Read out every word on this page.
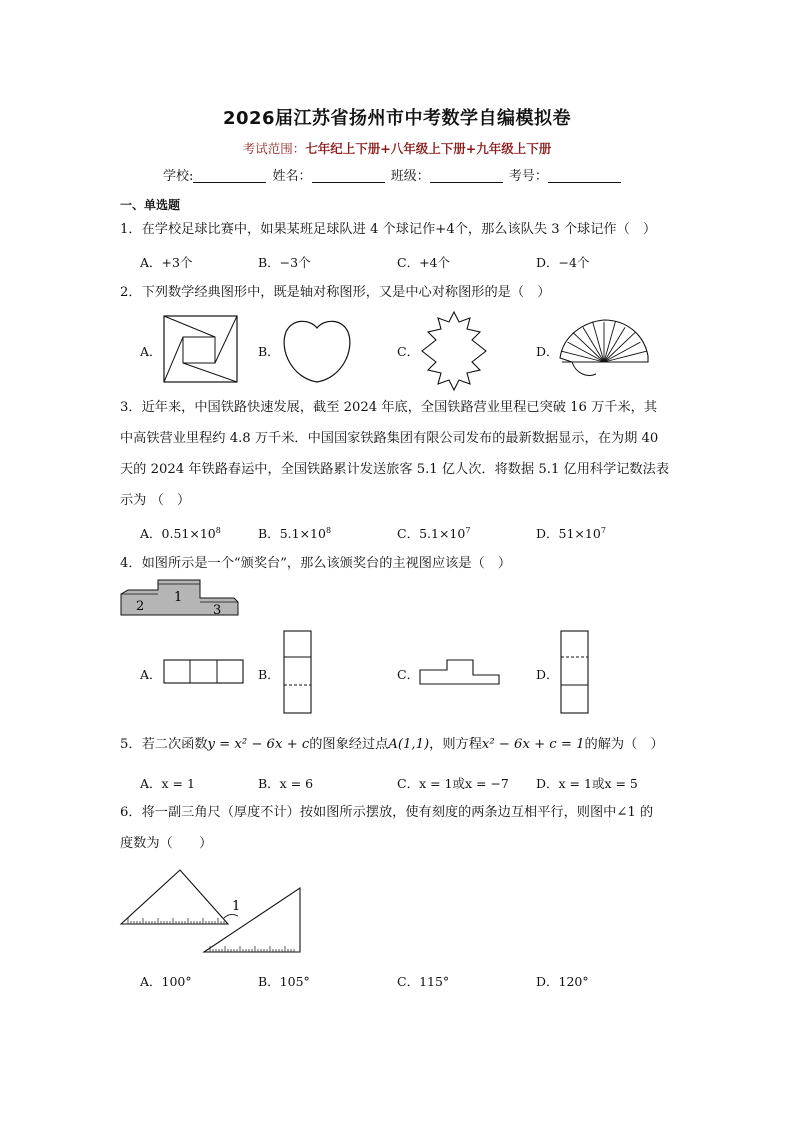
2026届江苏省扬州市中考数学自编模拟卷
考试范围：七年纪上下册+八年级上下册+九年级上下册
学校:	姓名：	班级：	考号：
一、单选题
1．在学校足球比赛中，如果某班足球队进 4 个球记作+4个，那么该队失 3 个球记作（　）
A．+3个	B．−3个	C．+4个	D．−4个
2．下列数学经典图形中，既是轴对称图形，又是中心对称图形的是（　）
A．	B．	C．	D．
3．近年来，中国铁路快速发展，截至 2024 年底，全国铁路营业里程已突破 16 万千米，其
中高铁营业里程约 4.8 万千米．中国国家铁路集团有限公司发布的最新数据显示，在为期 40
天的 2024 年铁路春运中，全国铁路累计发送旅客 5.1 亿人次．将数据 5.1 亿用科学记数法表
示为 （　）
A．$0.51\times 10^8$	B．$5.1\times 10^8$	C．$5.1\times 10^7$	D．$51\times 10^7$
4．如图所示是一个“颁奖台”，那么该颁奖台的主视图应该是（　）
2
1
3
A．	B．	C．	D．
5．若二次函数y = x² − 6x + c的图象经过点A(1,1)，则方程x² − 6x + c = 1的解为（　）
A．x = 1	B．x = 6	C．x = 1或x = −7 D．x = 1或x = 5
6．将一副三角尺（厚度不计）按如图所示摆放，使有刻度的两条边互相平行，则图中∠1 的
度数为（　　）
1
A．100°	B．105°	C．115°	D．120°
